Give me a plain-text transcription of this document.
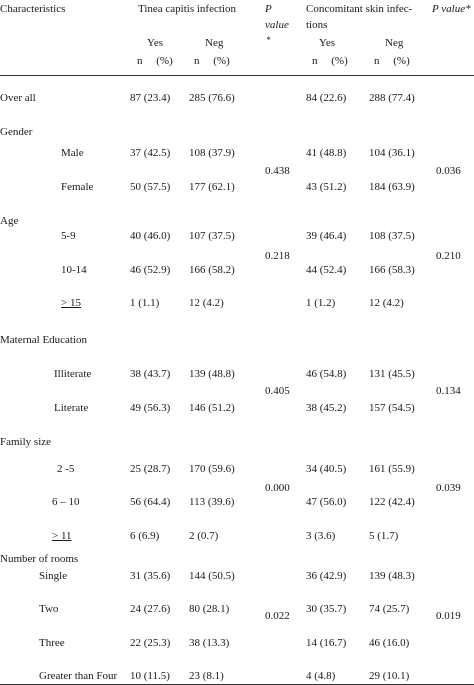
Characteristics	Tinea capitis infection	P
value
*
Concomitant skin infec-
tions
P value*
Yes	Neg	Yes	Neg
n     (%) n     (%)	n     (%) n     (%)
Over all	87 (23.4) 285 (76.6)	84 (22.6) 288 (77.4)
Gender
Male	37 (42.5) 108 (37.9)	41 (48.8) 104 (36.1)
0.438	0.036
Female	50 (57.5) 177 (62.1)	43 (51.2) 184 (63.9)
Age
5-9	40 (46.0) 107 (37.5)	39 (46.4) 108 (37.5)
0.218	0.210
10-14	46 (52.9) 166 (58.2)	44 (52.4) 166 (58.3)
> 15	1 (1.1)	12 (4.2)	1 (1.2)	12 (4.2)
Maternal Education
Illiterate	38 (43.7) 139 (48.8)	46 (54.8) 131 (45.5)
0.405	0.134
Literate	49 (56.3) 146 (51.2)	38 (45.2) 157 (54.5)
Family size
2 -5	25 (28.7) 170 (59.6)	34 (40.5) 161 (55.9)
0.000	0.039
6 – 10	56 (64.4) 113 (39.6)	47 (56.0) 122 (42.4)
> 11	6 (6.9)	2 (0.7)	3 (3.6)	5 (1.7)
Number of rooms
Single	31 (35.6) 144 (50.5)	36 (42.9) 139 (48.3)
Two	24 (27.6) 80 (28.1)	30 (35.7) 74 (25.7)
0.022	0.019
Three	22 (25.3) 38 (13.3)	14 (16.7) 46 (16.0)
Greater than Four 10 (11.5) 23 (8.1)	4 (4.8)	29 (10.1)
